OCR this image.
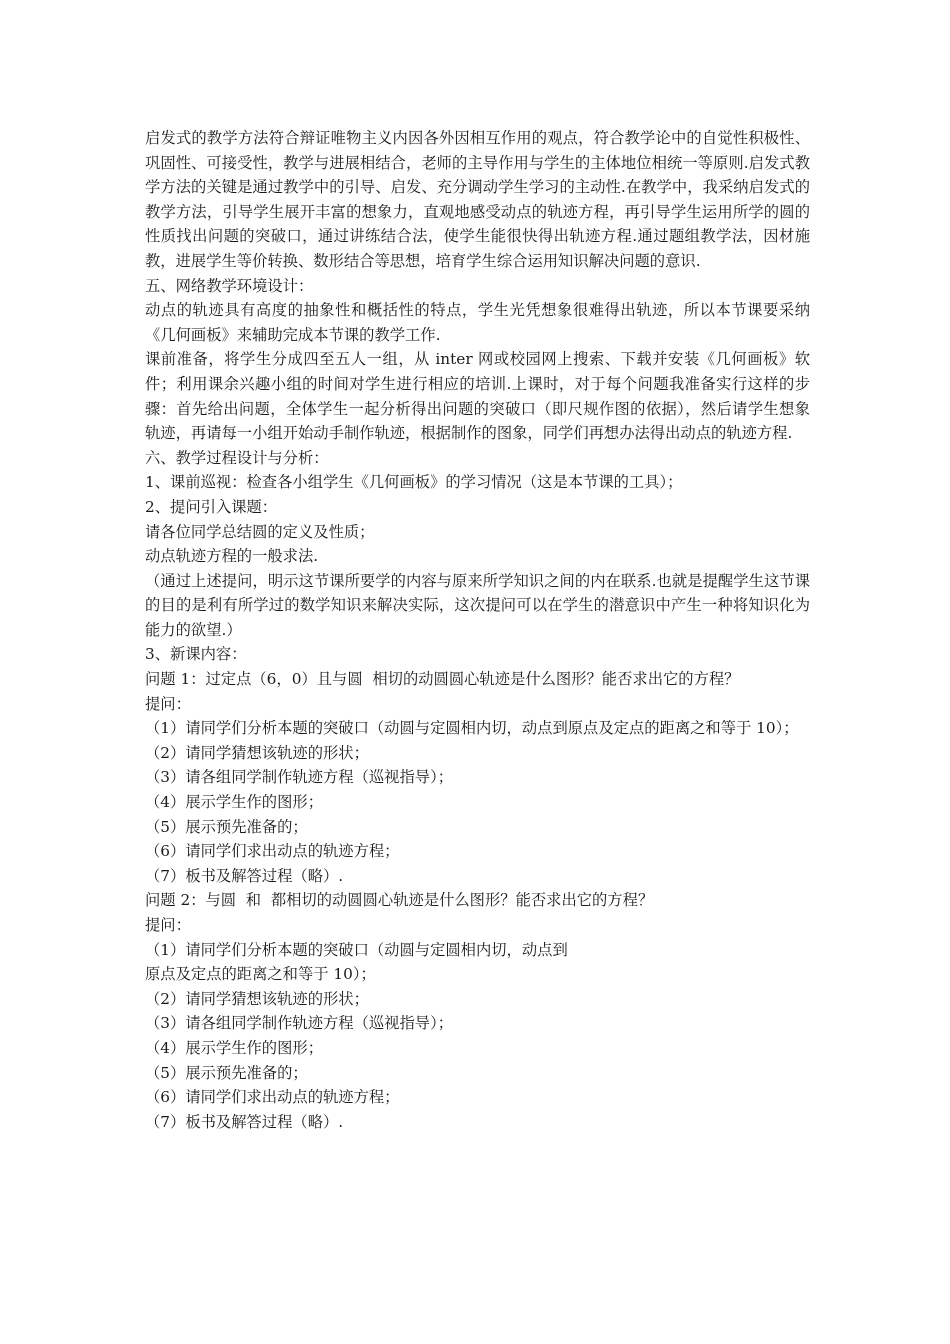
启发式的教学方法符合辩证唯物主义内因各外因相互作用的观点，符合教学论中的自觉性积极性、巩固性、可接受性，教学与进展相结合，老师的主导作用与学生的主体地位相统一等原则.启发式教学方法的关键是通过教学中的引导、启发、充分调动学生学习的主动性.在教学中，我采纳启发式的教学方法，引导学生展开丰富的想象力，直观地感受动点的轨迹方程，再引导学生运用所学的圆的性质找出问题的突破口，通过讲练结合法，使学生能很快得出轨迹方程.通过题组教学法，因材施教，进展学生等价转换、数形结合等思想，培育学生综合运用知识解决问题的意识.

五、网络教学环境设计：

动点的轨迹具有高度的抽象性和概括性的特点，学生光凭想象很难得出轨迹，所以本节课要采纳《几何画板》来辅助完成本节课的教学工作.

课前准备，将学生分成四至五人一组，从 inter 网或校园网上搜索、下载并安装《几何画板》软件；利用课余兴趣小组的时间对学生进行相应的培训.上课时，对于每个问题我准备实行这样的步骤：首先给出问题，全体学生一起分析得出问题的突破口（即尺规作图的依据），然后请学生想象轨迹，再请每一小组开始动手制作轨迹，根据制作的图象，同学们再想办法得出动点的轨迹方程.

六、教学过程设计与分析：

1、课前巡视：检查各小组学生《几何画板》的学习情况（这是本节课的工具）；

2、提问引入课题：

请各位同学总结圆的定义及性质；

动点轨迹方程的一般求法.

（通过上述提问，明示这节课所要学的内容与原来所学知识之间的内在联系.也就是提醒学生这节课的目的是利有所学过的数学知识来解决实际，这次提问可以在学生的潜意识中产生一种将知识化为能力的欲望.）

3、新课内容：

问题 1：过定点（6，0）且与圆  相切的动圆圆心轨迹是什么图形？能否求出它的方程？

提问：

（1）请同学们分析本题的突破口（动圆与定圆相内切，动点到原点及定点的距离之和等于 10）；

（2）请同学猜想该轨迹的形状；

（3）请各组同学制作轨迹方程（巡视指导）；

（4）展示学生作的图形；

（5）展示预先准备的；

（6）请同学们求出动点的轨迹方程；

（7）板书及解答过程（略）.

问题 2：与圆  和  都相切的动圆圆心轨迹是什么图形？能否求出它的方程？

提问：

（1）请同学们分析本题的突破口（动圆与定圆相内切，动点到

原点及定点的距离之和等于 10）；

（2）请同学猜想该轨迹的形状；

（3）请各组同学制作轨迹方程（巡视指导）；

（4）展示学生作的图形；

（5）展示预先准备的；

（6）请同学们求出动点的轨迹方程；

（7）板书及解答过程（略）.
